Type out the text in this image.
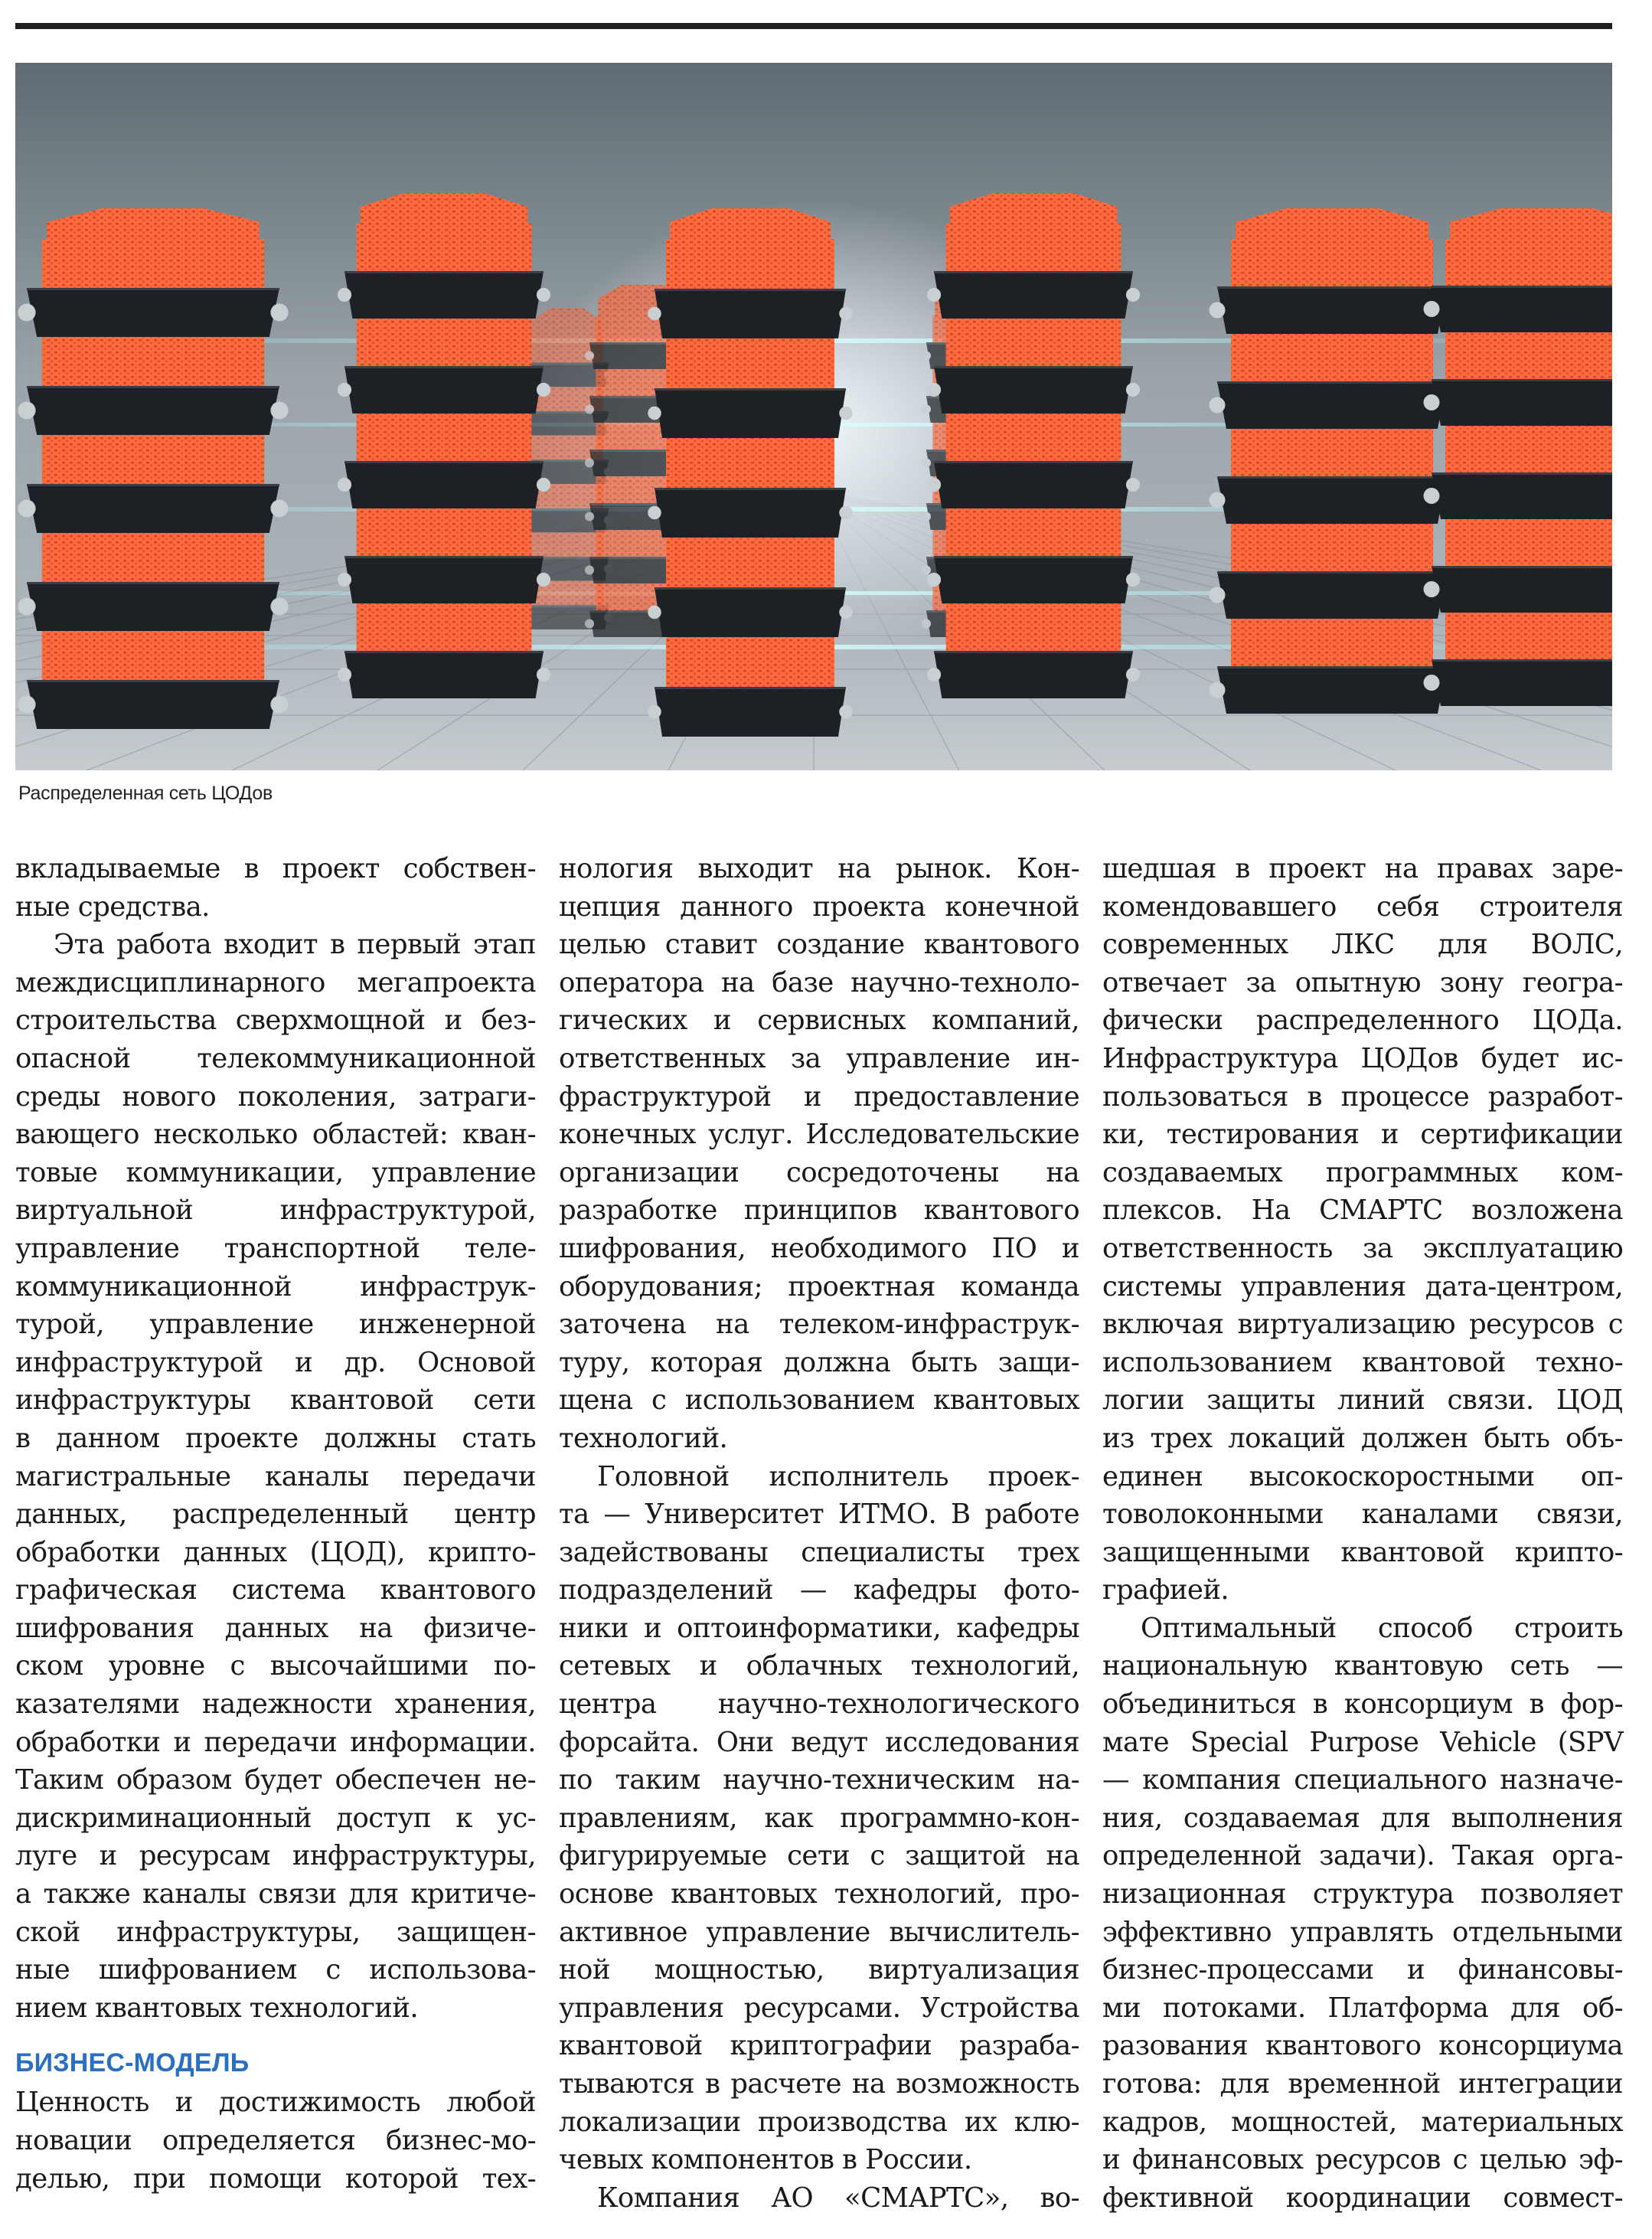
Распределенная сеть ЦОДов

вкладываемые в проект собствен-
ные средства.

Эта работа входит в первый этап
междисциплинарного мегапроекта
строительства сверхмощной и без-
опасной телекоммуникационной
среды нового поколения, затраги-
вающего несколько областей: кван-
товые коммуникации, управление
виртуальной инфраструктурой,
управление транспортной теле-
коммуникационной инфраструк-
турой, управление инженерной
инфраструктурой и др. Основой
инфраструктуры квантовой сети
в данном проекте должны стать
магистральные каналы передачи
данных, распределенный центр
обработки данных (ЦОД), крипто-
графическая система квантового
шифрования данных на физиче-
ском уровне с высочайшими по-
казателями надежности хранения,
обработки и передачи информации.
Таким образом будет обеспечен не-
дискриминационный доступ к ус-
луге и ресурсам инфраструктуры,
а также каналы связи для критиче-
ской инфраструктуры, защищен-
ные шифрованием с использова-
нием квантовых технологий.

БИЗНЕС-МОДЕЛЬ

Ценность и достижимость любой
новации определяется бизнес-мо-
делью, при помощи которой тех-

нология выходит на рынок. Кон-
цепция данного проекта конечной
целью ставит создание квантового
оператора на базе научно-техноло-
гических и сервисных компаний,
ответственных за управление ин-
фраструктурой и предоставление
конечных услуг. Исследовательские
организации сосредоточены на
разработке принципов квантового
шифрования, необходимого ПО и
оборудования; проектная команда
заточена на телеком-инфраструк-
туру, которая должна быть защи-
щена с использованием квантовых
технологий.

Головной исполнитель проек-
та — Университет ИТМО. В работе
задействованы специалисты трех
подразделений — кафедры фото-
ники и оптоинформатики, кафедры
сетевых и облачных технологий,
центра научно-технологического
форсайта. Они ведут исследования
по таким научно-техническим на-
правлениям, как программно-кон-
фигурируемые сети с защитой на
основе квантовых технологий, про-
активное управление вычислитель-
ной мощностью, виртуализация
управления ресурсами. Устройства
квантовой криптографии разраба-
тываются в расчете на возможность
локализации производства их клю-
чевых компонентов в России.

Компания АО «СМАРТС», во-

шедшая в проект на правах заре-
комендовавшего себя строителя
современных ЛКС для ВОЛС,
отвечает за опытную зону геогра-
фически распределенного ЦОДа.
Инфраструктура ЦОДов будет ис-
пользоваться в процессе разработ-
ки, тестирования и сертификации
создаваемых программных ком-
плексов. На СМАРТС возложена
ответственность за эксплуатацию
системы управления дата-центром,
включая виртуализацию ресурсов с
использованием квантовой техно-
логии защиты линий связи. ЦОД
из трех локаций должен быть объ-
единен высокоскоростными оп-
товолоконными каналами связи,
защищенными квантовой крипто-
графией.

Оптимальный способ строить
национальную квантовую сеть —
объединиться в консорциум в фор-
мате Special Purpose Vehicle (SPV
— компания специального назначе-
ния, создаваемая для выполнения
определенной задачи). Такая орга-
низационная структура позволяет
эффективно управлять отдельными
бизнес-процессами и финансовы-
ми потоками. Платформа для об-
разования квантового консорциума
готова: для временной интеграции
кадров, мощностей, материальных
и финансовых ресурсов с целью эф-
фективной координации совмест-
